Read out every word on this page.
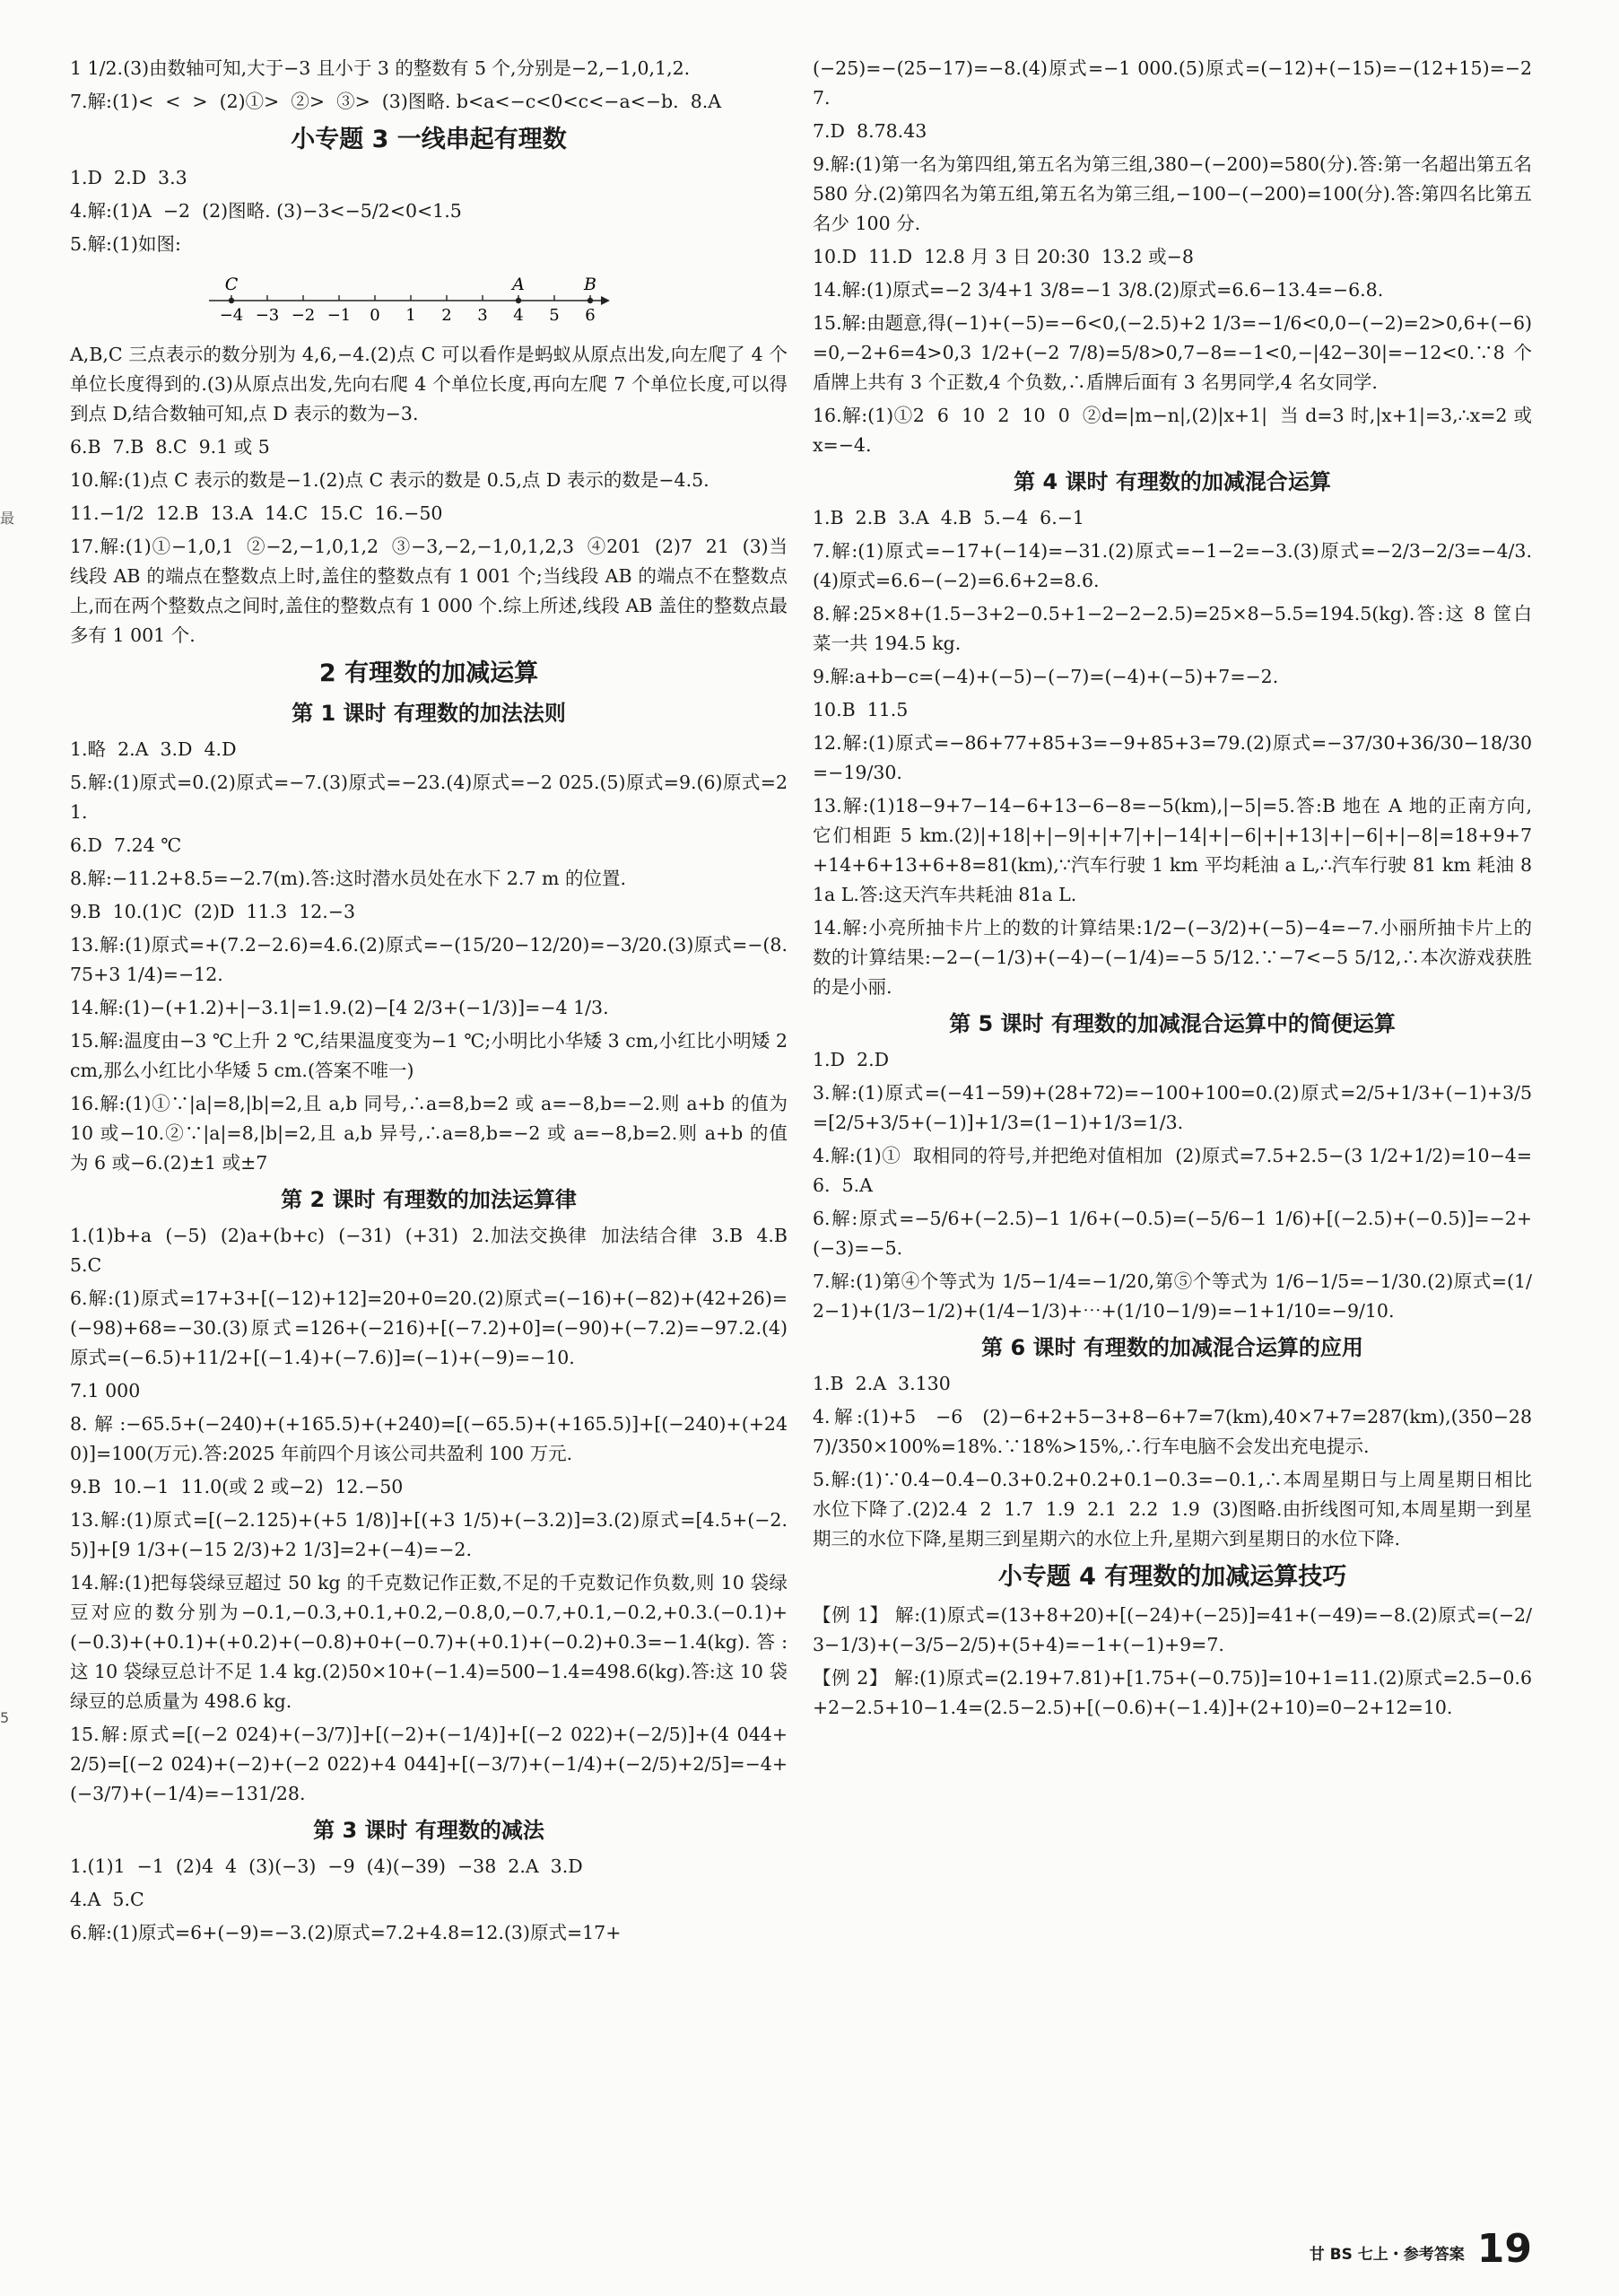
1 1/2.(3)由数轴可知,大于−3 且小于 3 的整数有 5 个,分别是−2,−1,0,1,2.
7.解:(1)<  <  >  (2)①>  ②>  ③>  (3)图略. b<a<−c<0<c<−a<−b.  8.A
小专题 3 一线串起有理数
1.D  2.D  3.3
4.解:(1)A  −2  (2)图略. (3)−3<−5/2<0<1.5
5.解:(1)如图:
−4 −3 −2 −1 0 1 2 3 4 5 6
C	A	B
A,B,C 三点表示的数分别为 4,6,−4.(2)点 C 可以看作是蚂蚁从原点出发,向左爬了 4 个单位长度得到的.(3)从原点出发,先向右爬 4 个单位长度,再向左爬 7 个单位长度,可以得到点 D,结合数轴可知,点 D 表示的数为−3.
6.B  7.B  8.C  9.1 或 5
10.解:(1)点 C 表示的数是−1.(2)点 C 表示的数是 0.5,点 D 表示的数是−4.5.
11.−1/2  12.B  13.A  14.C  15.C  16.−50
17.解:(1)①−1,0,1  ②−2,−1,0,1,2  ③−3,−2,−1,0,1,2,3  ④201  (2)7  21  (3)当线段 AB 的端点在整数点上时,盖住的整数点有 1 001 个;当线段 AB 的端点不在整数点上,而在两个整数点之间时,盖住的整数点有 1 000 个.综上所述,线段 AB 盖住的整数点最多有 1 001 个.
2 有理数的加减运算
第 1 课时 有理数的加法法则
1.略  2.A  3.D  4.D
5.解:(1)原式=0.(2)原式=−7.(3)原式=−23.(4)原式=−2 025.(5)原式=9.(6)原式=21.
6.D  7.24 ℃
8.解:−11.2+8.5=−2.7(m).答:这时潜水员处在水下 2.7 m 的位置.
9.B  10.(1)C  (2)D  11.3  12.−3
13.解:(1)原式=+(7.2−2.6)=4.6.(2)原式=−(15/20−12/20)=−3/20.(3)原式=−(8.75+3 1/4)=−12.
14.解:(1)−(+1.2)+|−3.1|=1.9.(2)−[4 2/3+(−1/3)]=−4 1/3.
15.解:温度由−3 ℃上升 2 ℃,结果温度变为−1 ℃;小明比小华矮 3 cm,小红比小明矮 2 cm,那么小红比小华矮 5 cm.(答案不唯一)
16.解:(1)①∵|a|=8,|b|=2,且 a,b 同号,∴a=8,b=2 或 a=−8,b=−2.则 a+b 的值为 10 或−10.②∵|a|=8,|b|=2,且 a,b 异号,∴a=8,b=−2 或 a=−8,b=2.则 a+b 的值为 6 或−6.(2)±1 或±7
第 2 课时 有理数的加法运算律
1.(1)b+a  (−5)  (2)a+(b+c)  (−31)  (+31)  2.加法交换律  加法结合律  3.B  4.B  5.C
6.解:(1)原式=17+3+[(−12)+12]=20+0=20.(2)原式=(−16)+(−82)+(42+26)=(−98)+68=−30.(3)原式=126+(−216)+[(−7.2)+0]=(−90)+(−7.2)=−97.2.(4)原式=(−6.5)+11/2+[(−1.4)+(−7.6)]=(−1)+(−9)=−10.
7.1 000
8.解:−65.5+(−240)+(+165.5)+(+240)=[(−65.5)+(+165.5)]+[(−240)+(+240)]=100(万元).答:2025 年前四个月该公司共盈利 100 万元.
9.B  10.−1  11.0(或 2 或−2)  12.−50
13.解:(1)原式=[(−2.125)+(+5 1/8)]+[(+3 1/5)+(−3.2)]=3.(2)原式=[4.5+(−2.5)]+[9 1/3+(−15 2/3)+2 1/3]=2+(−4)=−2.
14.解:(1)把每袋绿豆超过 50 kg 的千克数记作正数,不足的千克数记作负数,则 10 袋绿豆对应的数分别为−0.1,−0.3,+0.1,+0.2,−0.8,0,−0.7,+0.1,−0.2,+0.3.(−0.1)+(−0.3)+(+0.1)+(+0.2)+(−0.8)+0+(−0.7)+(+0.1)+(−0.2)+0.3=−1.4(kg).答:这 10 袋绿豆总计不足 1.4 kg.(2)50×10+(−1.4)=500−1.4=498.6(kg).答:这 10 袋绿豆的总质量为 498.6 kg.
15.解:原式=[(−2 024)+(−3/7)]+[(−2)+(−1/4)]+[(−2 022)+(−2/5)]+(4 044+2/5)=[(−2 024)+(−2)+(−2 022)+4 044]+[(−3/7)+(−1/4)+(−2/5)+2/5]=−4+(−3/7)+(−1/4)=−131/28.
第 3 课时 有理数的减法
1.(1)1  −1  (2)4  4  (3)(−3)  −9  (4)(−39)  −38  2.A  3.D
4.A  5.C
6.解:(1)原式=6+(−9)=−3.(2)原式=7.2+4.8=12.(3)原式=17+
(−25)=−(25−17)=−8.(4)原式=−1 000.(5)原式=(−12)+(−15)=−(12+15)=−27.
7.D  8.78.43
9.解:(1)第一名为第四组,第五名为第三组,380−(−200)=580(分).答:第一名超出第五名 580 分.(2)第四名为第五组,第五名为第三组,−100−(−200)=100(分).答:第四名比第五名少 100 分.
10.D  11.D  12.8 月 3 日 20:30  13.2 或−8
14.解:(1)原式=−2 3/4+1 3/8=−1 3/8.(2)原式=6.6−13.4=−6.8.
15.解:由题意,得(−1)+(−5)=−6<0,(−2.5)+2 1/3=−1/6<0,0−(−2)=2>0,6+(−6)=0,−2+6=4>0,3 1/2+(−2 7/8)=5/8>0,7−8=−1<0,−|42−30|=−12<0.∵8 个盾牌上共有 3 个正数,4 个负数,∴盾牌后面有 3 名男同学,4 名女同学.
16.解:(1)①2  6  10  2  10  0  ②d=|m−n|,(2)|x+1|  当 d=3 时,|x+1|=3,∴x=2 或 x=−4.
第 4 课时 有理数的加减混合运算
1.B  2.B  3.A  4.B  5.−4  6.−1
7.解:(1)原式=−17+(−14)=−31.(2)原式=−1−2=−3.(3)原式=−2/3−2/3=−4/3.(4)原式=6.6−(−2)=6.6+2=8.6.
8.解:25×8+(1.5−3+2−0.5+1−2−2−2.5)=25×8−5.5=194.5(kg).答:这 8 筐白菜一共 194.5 kg.
9.解:a+b−c=(−4)+(−5)−(−7)=(−4)+(−5)+7=−2.
10.B  11.5
12.解:(1)原式=−86+77+85+3=−9+85+3=79.(2)原式=−37/30+36/30−18/30=−19/30.
13.解:(1)18−9+7−14−6+13−6−8=−5(km),|−5|=5.答:B 地在 A 地的正南方向,它们相距 5 km.(2)|+18|+|−9|+|+7|+|−14|+|−6|+|+13|+|−6|+|−8|=18+9+7+14+6+13+6+8=81(km),∵汽车行驶 1 km 平均耗油 a L,∴汽车行驶 81 km 耗油 81a L.答:这天汽车共耗油 81a L.
14.解:小亮所抽卡片上的数的计算结果:1/2−(−3/2)+(−5)−4=−7.小丽所抽卡片上的数的计算结果:−2−(−1/3)+(−4)−(−1/4)=−5 5/12.∵−7<−5 5/12,∴本次游戏获胜的是小丽.
第 5 课时 有理数的加减混合运算中的简便运算
1.D  2.D
3.解:(1)原式=(−41−59)+(28+72)=−100+100=0.(2)原式=2/5+1/3+(−1)+3/5=[2/5+3/5+(−1)]+1/3=(1−1)+1/3=1/3.
4.解:(1)①  取相同的符号,并把绝对值相加  (2)原式=7.5+2.5−(3 1/2+1/2)=10−4=6.  5.A
6.解:原式=−5/6+(−2.5)−1 1/6+(−0.5)=(−5/6−1 1/6)+[(−2.5)+(−0.5)]=−2+(−3)=−5.
7.解:(1)第④个等式为 1/5−1/4=−1/20,第⑤个等式为 1/6−1/5=−1/30.(2)原式=(1/2−1)+(1/3−1/2)+(1/4−1/3)+⋯+(1/10−1/9)=−1+1/10=−9/10.
第 6 课时 有理数的加减混合运算的应用
1.B  2.A  3.130
4.解:(1)+5  −6  (2)−6+2+5−3+8−6+7=7(km),40×7+7=287(km),(350−287)/350×100%=18%.∵18%>15%,∴行车电脑不会发出充电提示.
5.解:(1)∵0.4−0.4−0.3+0.2+0.2+0.1−0.3=−0.1,∴本周星期日与上周星期日相比水位下降了.(2)2.4  2  1.7  1.9  2.1  2.2  1.9  (3)图略.由折线图可知,本周星期一到星期三的水位下降,星期三到星期六的水位上升,星期六到星期日的水位下降.
小专题 4 有理数的加减运算技巧
【例 1】 解:(1)原式=(13+8+20)+[(−24)+(−25)]=41+(−49)=−8.(2)原式=(−2/3−1/3)+(−3/5−2/5)+(5+4)=−1+(−1)+9=7.
【例 2】 解:(1)原式=(2.19+7.81)+[1.75+(−0.75)]=10+1=11.(2)原式=2.5−0.6+2−2.5+10−1.4=(2.5−2.5)+[(−0.6)+(−1.4)]+(2+10)=0−2+12=10.
最
5
甘 BS 七上・参考答案 19
